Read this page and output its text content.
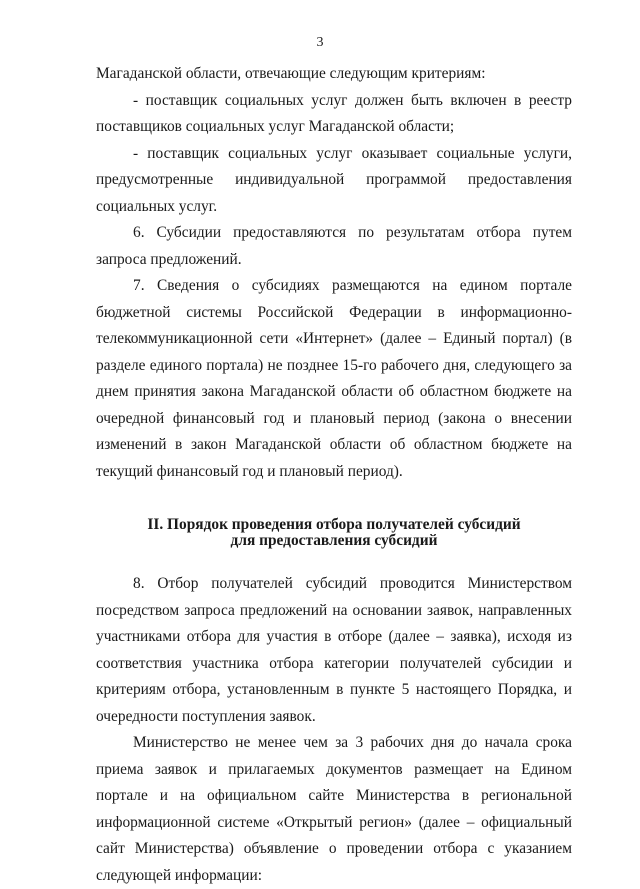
3

Магаданской области, отвечающие следующим критериям:

- поставщик социальных услуг должен быть включен в реестр поставщиков социальных услуг Магаданской области;

- поставщик социальных услуг оказывает социальные услуги, предусмотренные индивидуальной программой предоставления социальных услуг.

6. Субсидии предоставляются по результатам отбора путем запроса предложений.

7. Сведения о субсидиях размещаются на едином портале бюджетной системы Российской Федерации в информационно-телекоммуникационной сети «Интернет» (далее – Единый портал) (в разделе единого портала) не позднее 15-го рабочего дня, следующего за днем принятия закона Магаданской области об областном бюджете на очередной финансовый год и плановый период (закона о внесении изменений в закон Магаданской области об областном бюджете на текущий финансовый год и плановый период).

II. Порядок проведения отбора получателей субсидий
для предоставления субсидий

8. Отбор получателей субсидий проводится Министерством посредством запроса предложений на основании заявок, направленных участниками отбора для участия в отборе (далее – заявка), исходя из соответствия участника отбора категории получателей субсидии и критериям отбора, установленным в пункте 5 настоящего Порядка, и очередности поступления заявок.

Министерство не менее чем за 3 рабочих дня до начала срока приема заявок и прилагаемых документов размещает на Едином портале и на официальном сайте Министерства в региональной информационной системе «Открытый регион» (далее – официальный сайт Министерства) объявление о проведении отбора с указанием следующей информации:
